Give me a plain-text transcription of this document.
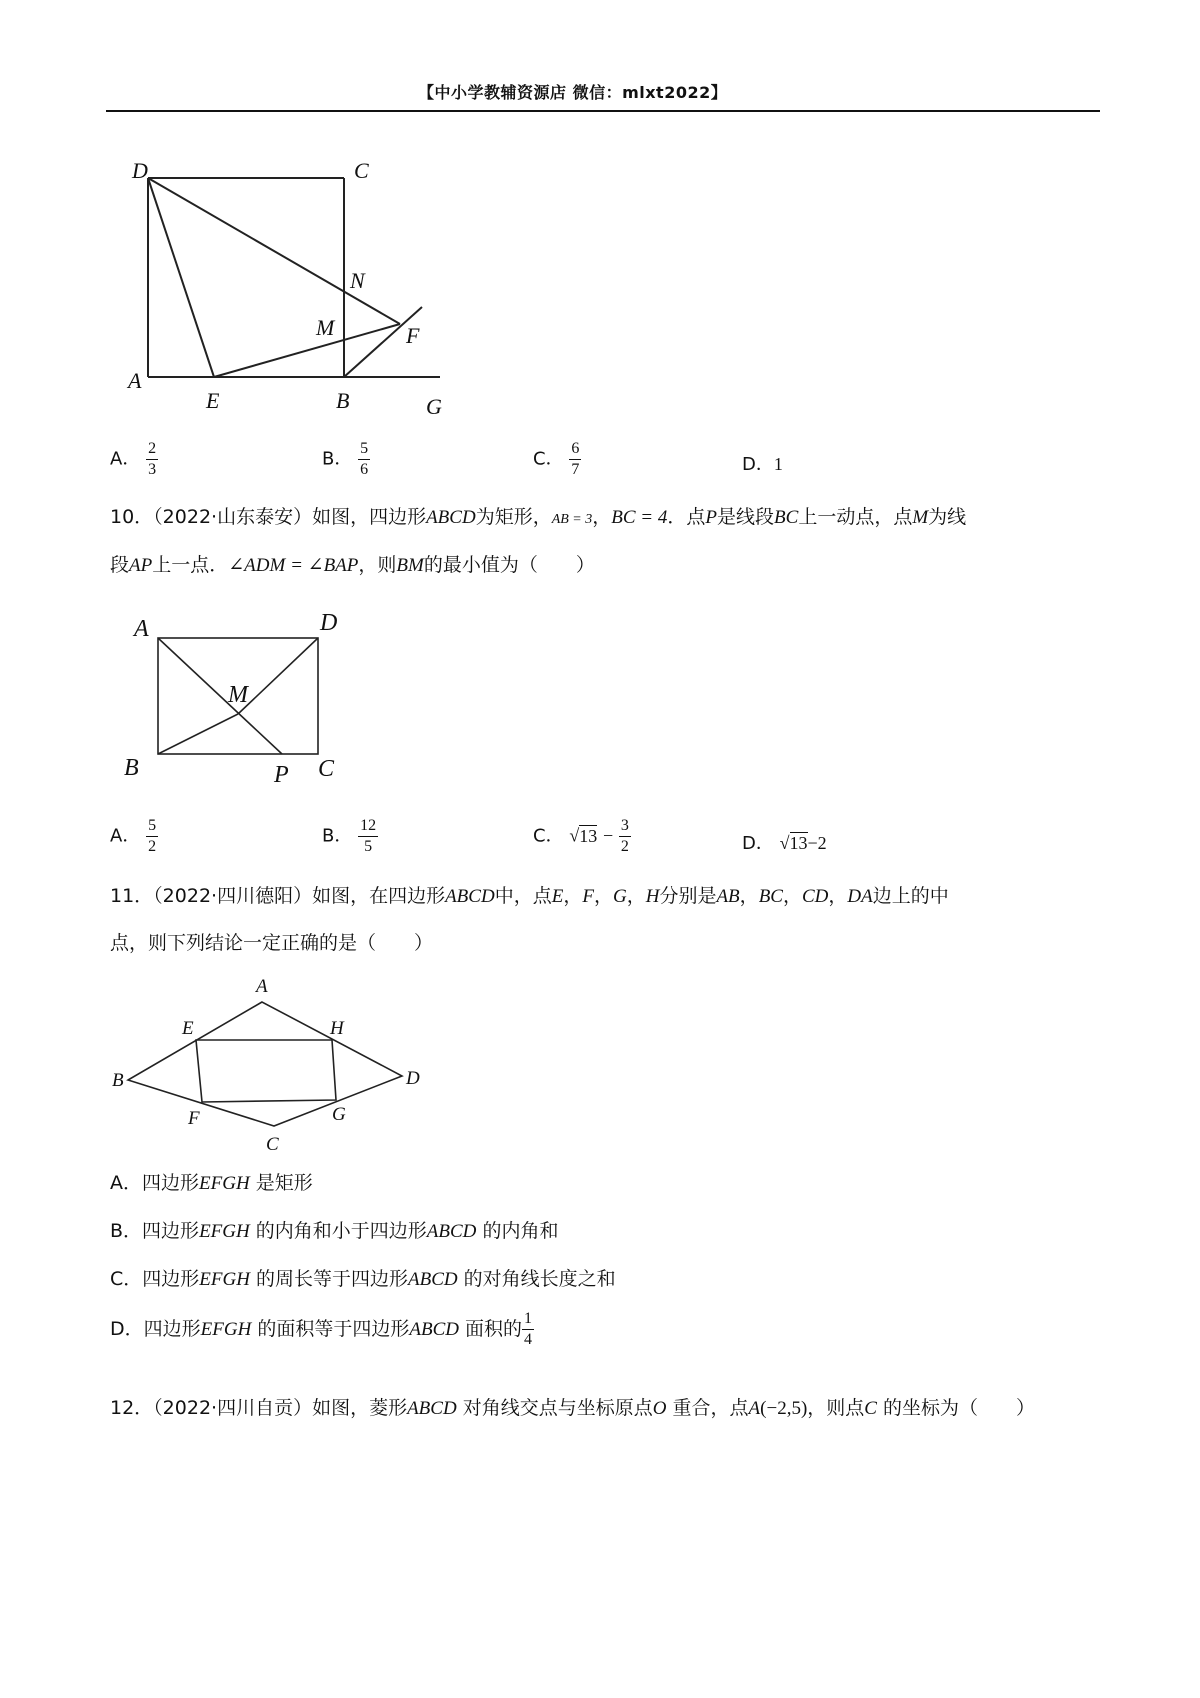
【中小学教辅资源店 微信：mlxt2022】
D	C
N
M	F
A
E	B	G
A． $\frac{2}{3}$	B． $\frac{5}{6}$	C． $\frac{6}{7}$	D．1
10．（2022·山东泰安）如图，四边形ABCD为矩形，AB = 3，BC = 4．点P是线段BC上一动点，点M为线
段AP上一点．∠ADM = ∠BAP，则BM的最小值为（　　）
A	D
M
B	P C
A． $\frac{5}{2}$	B． $\frac{12}{5}$	C． $√13 - \frac{3}{2}$	D． √13−2
11．（2022·四川德阳）如图，在四边形ABCD中，点E，F，G，H分别是AB，BC，CD，DA边上的中
点，则下列结论一定正确的是（　　）
A
E	H
B	D
F	G
C
A．四边形EFGH 是矩形
B．四边形EFGH 的内角和小于四边形ABCD 的内角和
C．四边形EFGH 的周长等于四边形ABCD 的对角线长度之和
D．四边形EFGH 的面积等于四边形ABCD 面积的 $\frac{1}{4}$
12．（2022·四川自贡）如图，菱形ABCD 对角线交点与坐标原点O 重合，点A(−2,5)，则点C 的坐标为（　　）
